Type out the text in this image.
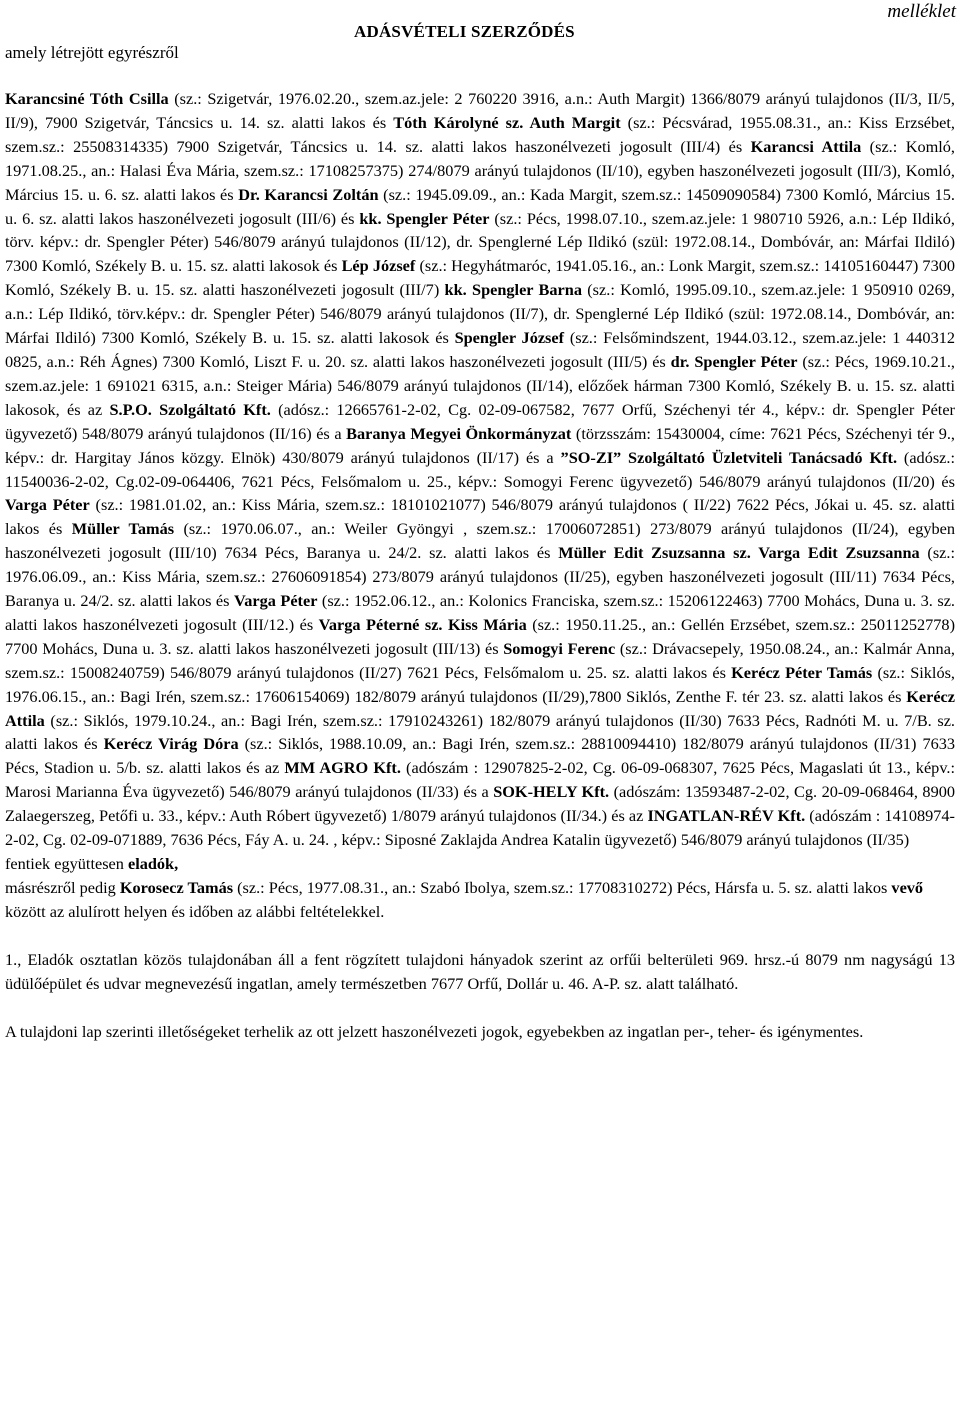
melléklet
amely létrejött egyrészről
ADÁSVÉTELI SZERZŐDÉS

Karancsiné Tóth Csilla (sz.: Szigetvár, 1976.02.20., szem.az.jele: 2 760220 3916, a.n.: Auth Margit) 1366/8079 arányú tulajdonos (II/3, II/5, II/9), 7900 Szigetvár, Táncsics u. 14. sz. alatti lakos és Tóth Károlyné sz. Auth Margit (sz.: Pécsvárad, 1955.08.31., an.: Kiss Erzsébet, szem.sz.: 25508314335) 7900 Szigetvár, Táncsics u. 14. sz. alatti lakos haszonélvezeti jogosult (III/4) és Karancsi Attila (sz.: Komló, 1971.08.25., an.: Halasi Éva Mária, szem.sz.: 17108257375) 274/8079 arányú tulajdonos (II/10), egyben haszonélvezeti jogosult (III/3), Komló, Március 15. u. 6. sz. alatti lakos és Dr. Karancsi Zoltán (sz.: 1945.09.09., an.: Kada Margit, szem.sz.: 14509090584) 7300 Komló, Március 15. u. 6. sz. alatti lakos haszonélvezeti jogosult (III/6) és kk. Spengler Péter (sz.: Pécs, 1998.07.10., szem.az.jele: 1 980710 5926, a.n.: Lép Ildikó, törv. képv.: dr. Spengler Péter) 546/8079 arányú tulajdonos (II/12), dr. Spenglerné Lép Ildikó (szül: 1972.08.14., Dombóvár, an: Márfai Ildiló) 7300 Komló, Székely B. u. 15. sz. alatti lakosok és Lép József (sz.: Hegyhátmaróc, 1941.05.16., an.: Lonk Margit, szem.sz.: 14105160447) 7300 Komló, Székely B. u. 15. sz. alatti haszonélvezeti jogosult (III/7) kk. Spengler Barna (sz.: Komló, 1995.09.10., szem.az.jele: 1 950910 0269, a.n.: Lép Ildikó, törv.képv.: dr. Spengler Péter) 546/8079 arányú tulajdonos (II/7), dr. Spenglerné Lép Ildikó (szül: 1972.08.14., Dombóvár, an: Márfai Ildiló) 7300 Komló, Székely B. u. 15. sz. alatti lakosok és Spengler József (sz.: Felsőmindszent, 1944.03.12., szem.az.jele: 1 440312 0825, a.n.: Réh Ágnes) 7300 Komló, Liszt F. u. 20. sz. alatti lakos haszonélvezeti jogosult (III/5) és dr. Spengler Péter (sz.: Pécs, 1969.10.21., szem.az.jele: 1 691021 6315, a.n.: Steiger Mária) 546/8079 arányú tulajdonos (II/14), előzőek hárman 7300 Komló, Székely B. u. 15. sz. alatti lakosok, és az S.P.O. Szolgáltató Kft. (adósz.: 12665761-2-02, Cg. 02-09-067582, 7677 Orfű, Széchenyi tér 4., képv.: dr. Spengler Péter ügyvezető) 548/8079 arányú tulajdonos (II/16) és a Baranya Megyei Önkormányzat (törzsszám: 15430004, címe: 7621 Pécs, Széchenyi tér 9., képv.: dr. Hargitay János közgy. Elnök) 430/8079 arányú tulajdonos (II/17) és a ”SO-ZI” Szolgáltató Üzletviteli Tanácsadó Kft. (adósz.: 11540036-2-02, Cg.02-09-064406, 7621 Pécs, Felsőmalom u. 25., képv.: Somogyi Ferenc ügyvezető) 546/8079 arányú tulajdonos (II/20) és Varga Péter (sz.: 1981.01.02, an.: Kiss Mária, szem.sz.: 18101021077) 546/8079 arányú tulajdonos ( II/22) 7622 Pécs, Jókai u. 45. sz. alatti lakos és Müller Tamás (sz.: 1970.06.07., an.: Weiler Gyöngyi , szem.sz.: 17006072851) 273/8079 arányú tulajdonos (II/24), egyben haszonélvezeti jogosult (III/10) 7634 Pécs, Baranya u. 24/2. sz. alatti lakos és Müller Edit Zsuzsanna sz. Varga Edit Zsuzsanna (sz.: 1976.06.09., an.: Kiss Mária, szem.sz.: 27606091854) 273/8079 arányú tulajdonos (II/25), egyben haszonélvezeti jogosult (III/11) 7634 Pécs, Baranya u. 24/2. sz. alatti lakos és Varga Péter (sz.: 1952.06.12., an.: Kolonics Franciska, szem.sz.: 15206122463) 7700 Mohács, Duna u. 3. sz. alatti lakos haszonélvezeti jogosult (III/12.) és Varga Péterné sz. Kiss Mária (sz.: 1950.11.25., an.: Gellén Erzsébet, szem.sz.: 25011252778) 7700 Mohács, Duna u. 3. sz. alatti lakos haszonélvezeti jogosult (III/13) és Somogyi Ferenc (sz.: Drávacsepely, 1950.08.24., an.: Kalmár Anna, szem.sz.: 15008240759) 546/8079 arányú tulajdonos (II/27) 7621 Pécs, Felsőmalom u. 25. sz. alatti lakos és Kerécz Péter Tamás (sz.: Siklós, 1976.06.15., an.: Bagi Irén, szem.sz.: 17606154069) 182/8079 arányú tulajdonos (II/29),7800 Siklós, Zenthe F. tér 23. sz. alatti lakos és Kerécz Attila (sz.: Siklós, 1979.10.24., an.: Bagi Irén, szem.sz.: 17910243261) 182/8079 arányú tulajdonos (II/30) 7633 Pécs, Radnóti M. u. 7/B. sz. alatti lakos és Kerécz Virág Dóra (sz.: Siklós, 1988.10.09, an.: Bagi Irén, szem.sz.: 28810094410) 182/8079 arányú tulajdonos (II/31) 7633 Pécs, Stadion u. 5/b. sz. alatti lakos és az MM AGRO Kft. (adószám : 12907825-2-02, Cg. 06-09-068307, 7625 Pécs, Magaslati út 13., képv.: Marosi Marianna Éva ügyvezető) 546/8079 arányú tulajdonos (II/33) és a SOK-HELY Kft. (adószám: 13593487-2-02, Cg. 20-09-068464, 8900 Zalaegerszeg, Petőfi u. 33., képv.: Auth Róbert ügyvezető) 1/8079 arányú tulajdonos (II/34.) és az INGATLAN-RÉV Kft. (adószám : 14108974-2-02, Cg. 02-09-071889, 7636 Pécs, Fáy A. u. 24. , képv.: Siposné Zaklajda Andrea Katalin ügyvezető) 546/8079 arányú tulajdonos (II/35)

fentiek együttesen eladók,

másrészről pedig Korosecz Tamás (sz.: Pécs, 1977.08.31., an.: Szabó Ibolya, szem.sz.: 17708310272) Pécs, Hársfa u. 5. sz. alatti lakos vevő

között az alulírott helyen és időben az alábbi feltételekkel.

1., Eladók osztatlan közös tulajdonában áll a fent rögzített tulajdoni hányadok szerint az orfűi belterületi 969. hrsz.-ú 8079 nm nagyságú 13 üdülőépület és udvar megnevezésű ingatlan, amely természetben 7677 Orfű, Dollár u. 46. A-P. sz. alatt található.

A tulajdoni lap szerinti illetőségeket terhelik az ott jelzett haszonélvezeti jogok, egyebekben az ingatlan per-, teher- és igénymentes.
